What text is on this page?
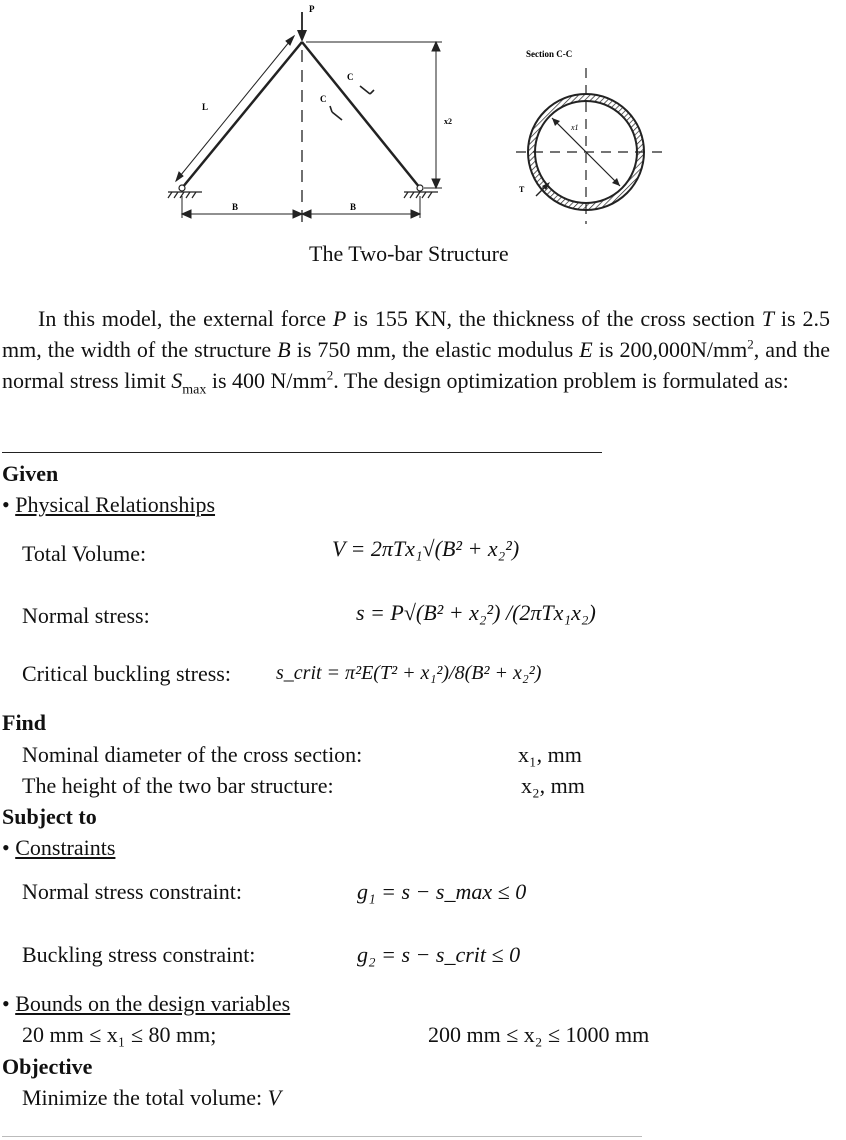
P
L
C
C
x2
B	B
Section C-C
x1
T
The Two-bar Structure
In this model, the external force P is 155 KN, the thickness of the cross section T is 2.5 mm, the width of the structure B is 750 mm, the elastic modulus E is $200,000N/mm^2$, and the normal stress limit $S_{max}$ is 400 $N/mm^2$. The design optimization problem is formulated as:
Given
• Physical Relationships
Total Volume:	V = 2πTx₁√(B² + x₂²)
Normal stress:	s = P√(B² + x₂²) /(2πTx₁x₂)
Critical buckling stress: s_crit = π²E(T² + x₁²)/8(B² + x₂²)
Find
Nominal diameter of the cross section:	x₁, mm
The height of the two bar structure:	x₂, mm
Subject to
• Constraints
Normal stress constraint:	g₁ = s − s_max ≤ 0
Buckling stress constraint:	g₂ = s − s_crit ≤ 0
• Bounds on the design variables
20 mm ≤ x₁ ≤ 80 mm;	200 mm ≤ x₂ ≤ 1000 mm
Objective
Minimize the total volume: V
